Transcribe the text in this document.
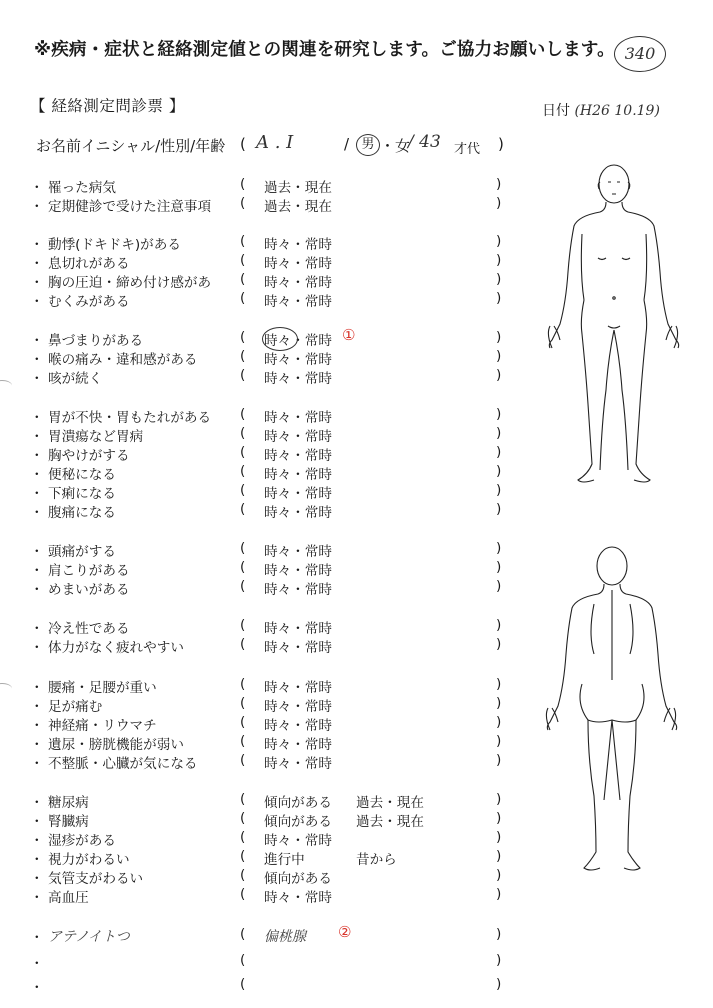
※疾病・症状と経絡測定値との関連を研究します。ご協力お願いします。 340
【 経絡測定問診票 】	日付 (H26 10.19)
お名前イニシャル/性別/年齢 ( A . I	/ 男 ・女
/ 43 才代 )
・ 罹った病気	( 過去・現在	)
・ 定期健診で受けた注意事項	( 過去・現在	)
・ 動悸(ドキドキ)がある	( 時々・常時	)
・ 息切れがある	( 時々・常時	)
・ 胸の圧迫・締め付け感があ	( 時々・常時	)
・ むくみがある	( 時々・常時	)
・ 鼻づまりがある	( 時々・常時	)
①
・ 喉の痛み・違和感がある	( 時々・常時	)
・ 咳が続く	( 時々・常時	)
・ 胃が不快・胃もたれがある	( 時々・常時	)
・ 胃潰瘍など胃病	( 時々・常時	)
・ 胸やけがする	( 時々・常時	)
・ 便秘になる	( 時々・常時	)
・ 下痢になる	( 時々・常時	)
・ 腹痛になる	( 時々・常時	)
・ 頭痛がする	( 時々・常時	)
・ 肩こりがある	( 時々・常時	)
・ めまいがある	( 時々・常時	)
・ 冷え性である	( 時々・常時	)
・ 体力がなく疲れやすい	( 時々・常時	)
・ 腰痛・足腰が重い	( 時々・常時	)
・ 足が痛む	( 時々・常時	)
・ 神経痛・リウマチ	( 時々・常時	)
・ 遺尿・膀胱機能が弱い	( 時々・常時	)
・ 不整脈・心臓が気になる	( 時々・常時	)
・ 糖尿病	( 傾向がある 過去・現在	)
・ 腎臓病	( 傾向がある 過去・現在	)
・ 湿疹がある	( 時々・常時	)
・ 視力がわるい	( 進行中	昔から	)
・ 気管支がわるい	( 傾向がある	)
・ 高血圧	( 時々・常時	)
・ アテノイトつ	( 偏桃腺	)
②
・	(	)
・	(	)
